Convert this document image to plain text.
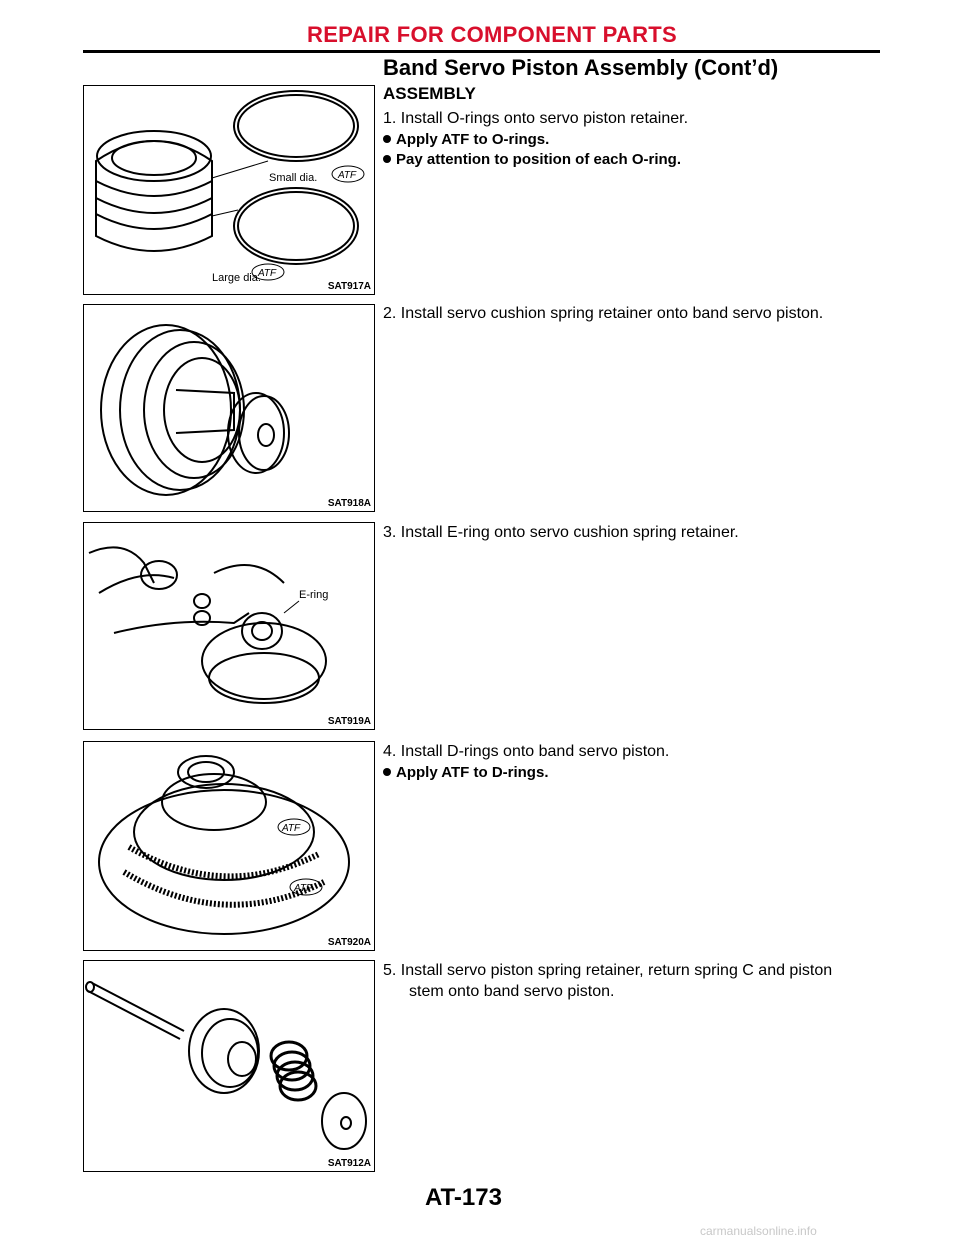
REPAIR FOR COMPONENT PARTS
Band Servo Piston Assembly (Cont’d)
Small dia. ATF
Large dia.
ATF
SAT917A
SAT918A
E-ring
SAT919A
ATF
ATF
SAT920A
SAT912A
ASSEMBLY
1. Install O-rings onto servo piston retainer.
Apply ATF to O-rings.
Pay attention to position of each O-ring.
2. Install servo cushion spring retainer onto band servo piston.
3. Install E-ring onto servo cushion spring retainer.
4. Install D-rings onto band servo piston.
Apply ATF to D-rings.
5. Install servo piston spring retainer, return spring C and piston
stem onto band servo piston.
AT-173
carmanualsonline.info
